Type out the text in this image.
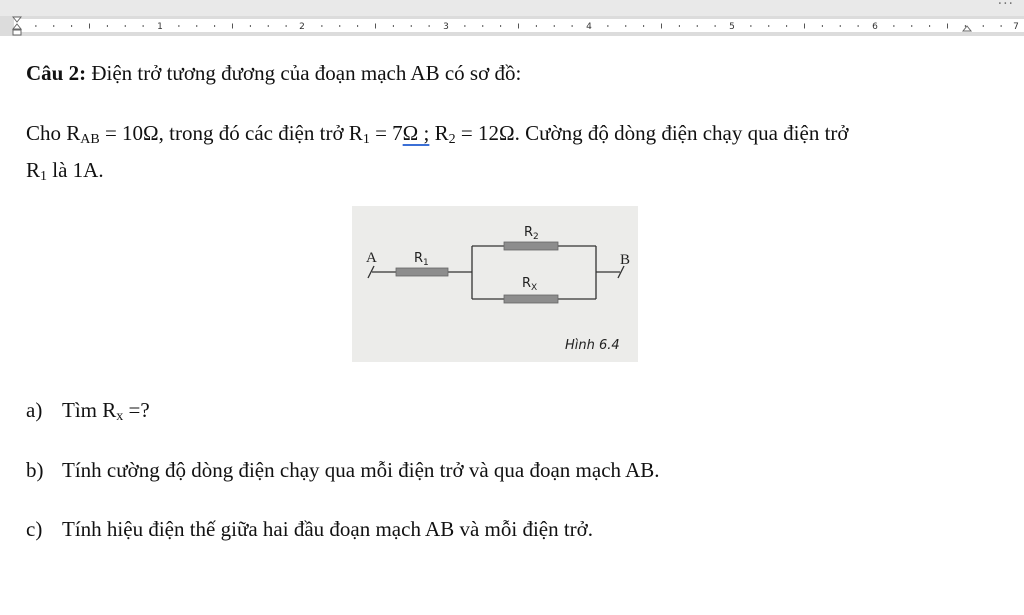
···
1	2	3	4	5	6	7
Câu 2: Điện trở tương đương của đoạn mạch AB có sơ đồ:
Cho $R_{AB} = 10\Omega$, trong đó các điện trở $R_1 = 7\Omega$ ; $R_2 = 12\Omega$. Cường độ dòng điện chạy qua điện trở
$R_1$ là 1A.
A	B
$R_1$
$R_2$
$R_X$
Hình 6.4
a) Tìm $R_x$ =?
b) Tính cường độ dòng điện chạy qua mỗi điện trở và qua đoạn mạch AB.
c) Tính hiệu điện thế giữa hai đầu đoạn mạch AB và mỗi điện trở.
